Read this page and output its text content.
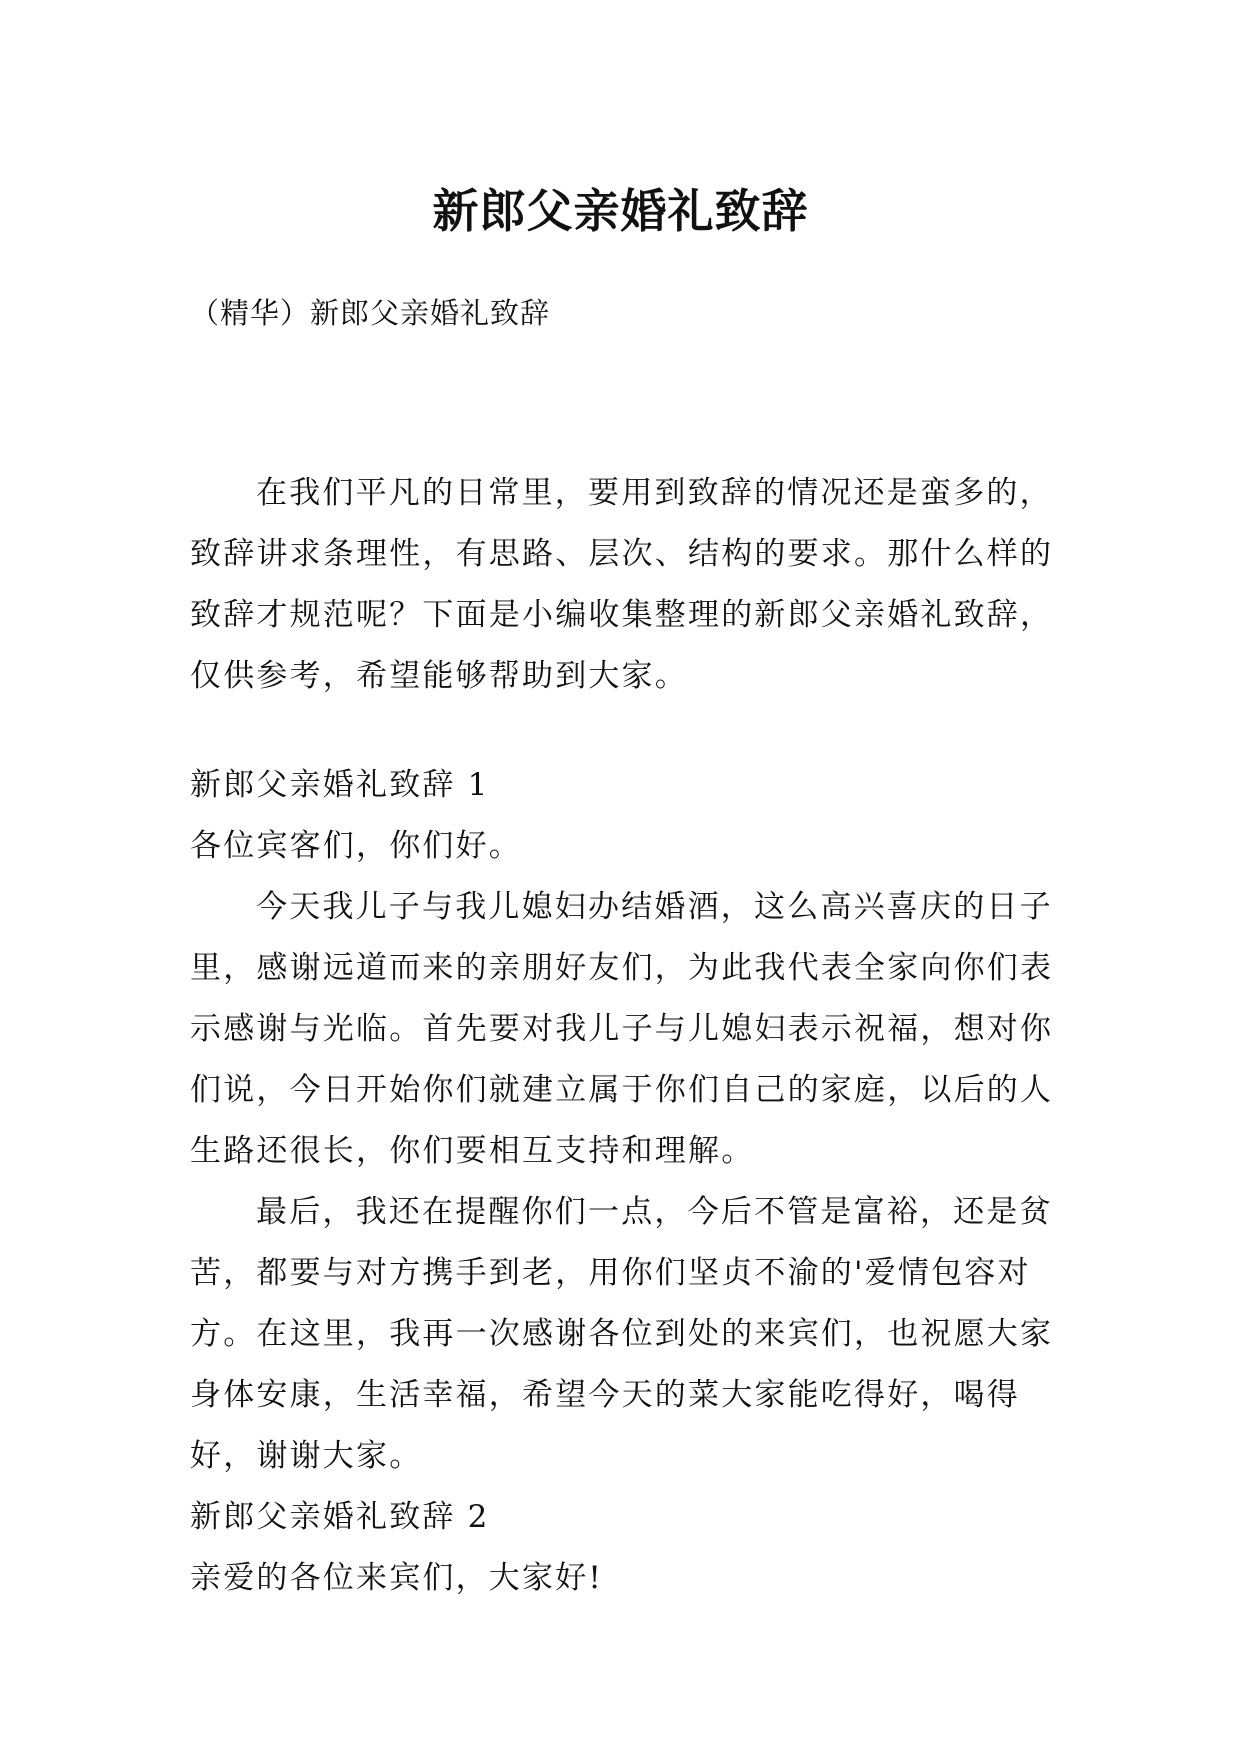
新郎父亲婚礼致辞
（精华）新郎父亲婚礼致辞

在我们平凡的日常里，要用到致辞的情况还是蛮多的，致辞讲求条理性，有思路、层次、结构的要求。那什么样的致辞才规范呢？下面是小编收集整理的新郎父亲婚礼致辞，仅供参考，希望能够帮助到大家。

新郎父亲婚礼致辞 1

各位宾客们，你们好。

今天我儿子与我儿媳妇办结婚酒，这么高兴喜庆的日子里，感谢远道而来的亲朋好友们，为此我代表全家向你们表示感谢与光临。首先要对我儿子与儿媳妇表示祝福，想对你们说，今日开始你们就建立属于你们自己的家庭，以后的人生路还很长，你们要相互支持和理解。

最后，我还在提醒你们一点，今后不管是富裕，还是贫苦，都要与对方携手到老，用你们坚贞不渝的'爱情包容对方。在这里，我再一次感谢各位到处的来宾们，也祝愿大家身体安康，生活幸福，希望今天的菜大家能吃得好，喝得好，谢谢大家。

新郎父亲婚礼致辞 2

亲爱的各位来宾们，大家好!
